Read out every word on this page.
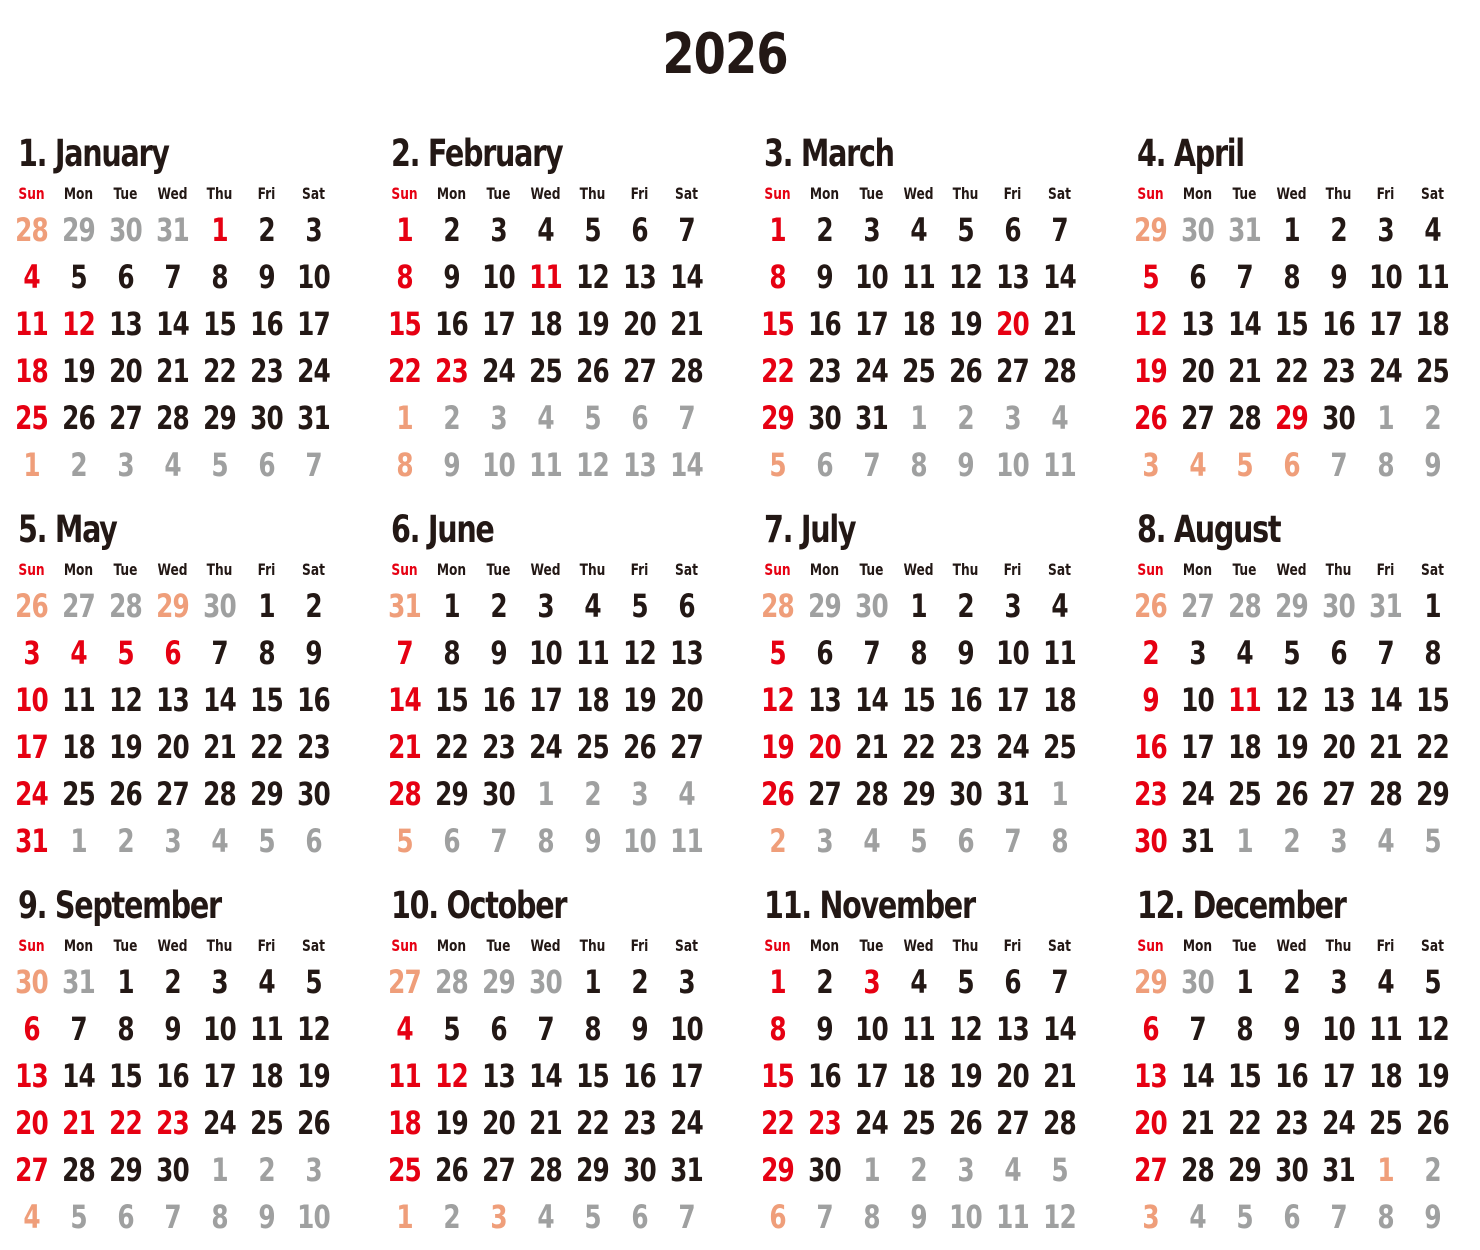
2026
1. January
Sun	Mon	Tue	Wed	Thu	Fri	Sat
28 29 30 31 1 2 3
4 5 6 7 8 9 10
11 12 13 14 15 16 17
18 19 20 21 22 23 24
25 26 27 28 29 30 31
1 2 3 4 5 6 7
2. February
Sun	Mon	Tue	Wed	Thu	Fri	Sat
1 2 3 4 5 6 7
8 9 10 11 12 13 14
15 16 17 18 19 20 21
22 23 24 25 26 27 28
1 2 3 4 5 6 7
8 9 10 11 12 13 14
3. March
Sun	Mon	Tue	Wed	Thu	Fri	Sat
1 2 3 4 5 6 7
8 9 10 11 12 13 14
15 16 17 18 19 20 21
22 23 24 25 26 27 28
29 30 31 1 2 3 4
5 6 7 8 9 10 11
4. April
Sun	Mon	Tue	Wed	Thu	Fri	Sat
29 30 31 1 2 3 4
5 6 7 8 9 10 11
12 13 14 15 16 17 18
19 20 21 22 23 24 25
26 27 28 29 30 1 2
3 4 5 6 7 8 9
5. May
Sun	Mon	Tue	Wed	Thu	Fri	Sat
26 27 28 29 30 1 2
3 4 5 6 7 8 9
10 11 12 13 14 15 16
17 18 19 20 21 22 23
24 25 26 27 28 29 30
31 1 2 3 4 5 6
6. June
Sun	Mon	Tue	Wed	Thu	Fri	Sat
31 1 2 3 4 5 6
7 8 9 10 11 12 13
14 15 16 17 18 19 20
21 22 23 24 25 26 27
28 29 30 1 2 3 4
5 6 7 8 9 10 11
7. July
Sun	Mon	Tue	Wed	Thu	Fri	Sat
28 29 30 1 2 3 4
5 6 7 8 9 10 11
12 13 14 15 16 17 18
19 20 21 22 23 24 25
26 27 28 29 30 31 1
2 3 4 5 6 7 8
8. August
Sun	Mon	Tue	Wed	Thu	Fri	Sat
26 27 28 29 30 31 1
2 3 4 5 6 7 8
9 10 11 12 13 14 15
16 17 18 19 20 21 22
23 24 25 26 27 28 29
30 31 1 2 3 4 5
9. September
Sun	Mon	Tue	Wed	Thu	Fri	Sat
30 31 1 2 3 4 5
6 7 8 9 10 11 12
13 14 15 16 17 18 19
20 21 22 23 24 25 26
27 28 29 30 1 2 3
4 5 6 7 8 9 10
10. October
Sun	Mon	Tue	Wed	Thu	Fri	Sat
27 28 29 30 1 2 3
4 5 6 7 8 9 10
11 12 13 14 15 16 17
18 19 20 21 22 23 24
25 26 27 28 29 30 31
1 2 3 4 5 6 7
11. November
Sun	Mon	Tue	Wed	Thu	Fri	Sat
1 2 3 4 5 6 7
8 9 10 11 12 13 14
15 16 17 18 19 20 21
22 23 24 25 26 27 28
29 30 1 2 3 4 5
6 7 8 9 10 11 12
12. December
Sun	Mon	Tue	Wed	Thu	Fri	Sat
29 30 1 2 3 4 5
6 7 8 9 10 11 12
13 14 15 16 17 18 19
20 21 22 23 24 25 26
27 28 29 30 31 1 2
3 4 5 6 7 8 9
